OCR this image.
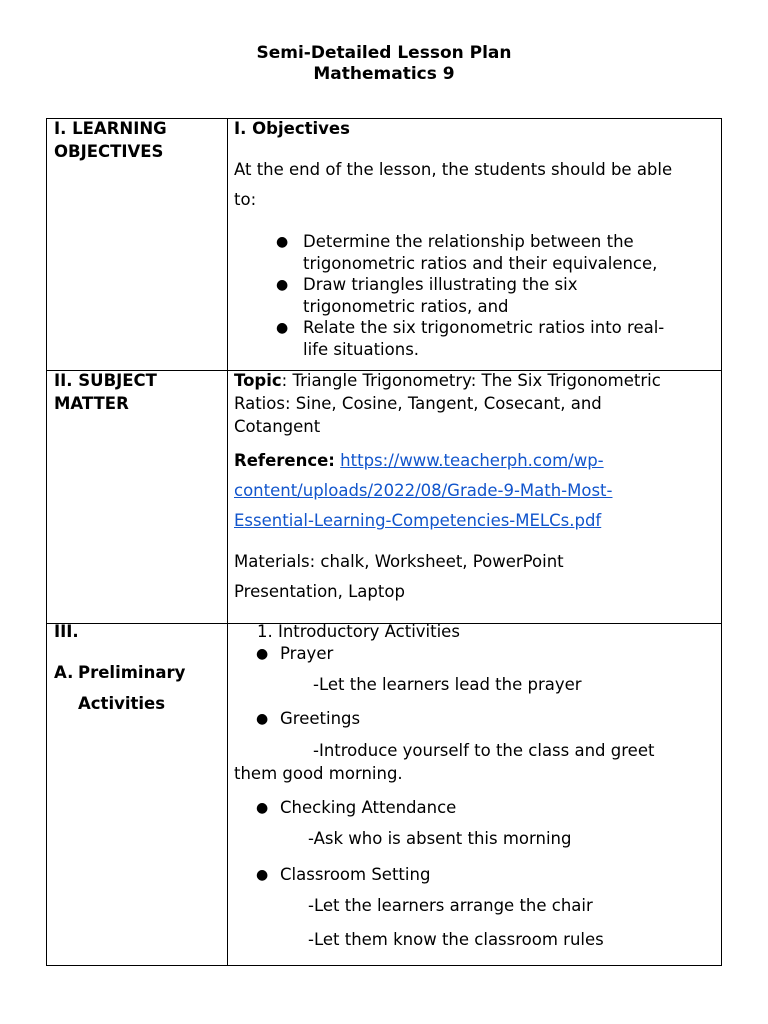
Semi-Detailed Lesson Plan
Mathematics 9
I. LEARNING
OBJECTIVES
I. Objectives
At the end of the lesson, the students should be able
to:
● Determine the relationship between the
trigonometric ratios and their equivalence,
● Draw triangles illustrating the six
trigonometric ratios, and
● Relate the six trigonometric ratios into real-
life situations.
II. SUBJECT
MATTER
Topic: Triangle Trigonometry: The Six Trigonometric
Ratios: Sine, Cosine, Tangent, Cosecant, and
Cotangent
Reference: https://www.teacherph.com/wp-
content/uploads/2022/08/Grade-9-Math-Most-
Essential-Learning-Competencies-MELCs.pdf
Materials: chalk, Worksheet, PowerPoint
Presentation, Laptop
III.
A. Preliminary
Activities
1. Introductory Activities
● Prayer
-Let the learners lead the prayer
● Greetings
-Introduce yourself to the class and greet
them good morning.
● Checking Attendance
-Ask who is absent this morning
● Classroom Setting
-Let the learners arrange the chair
-Let them know the classroom rules
